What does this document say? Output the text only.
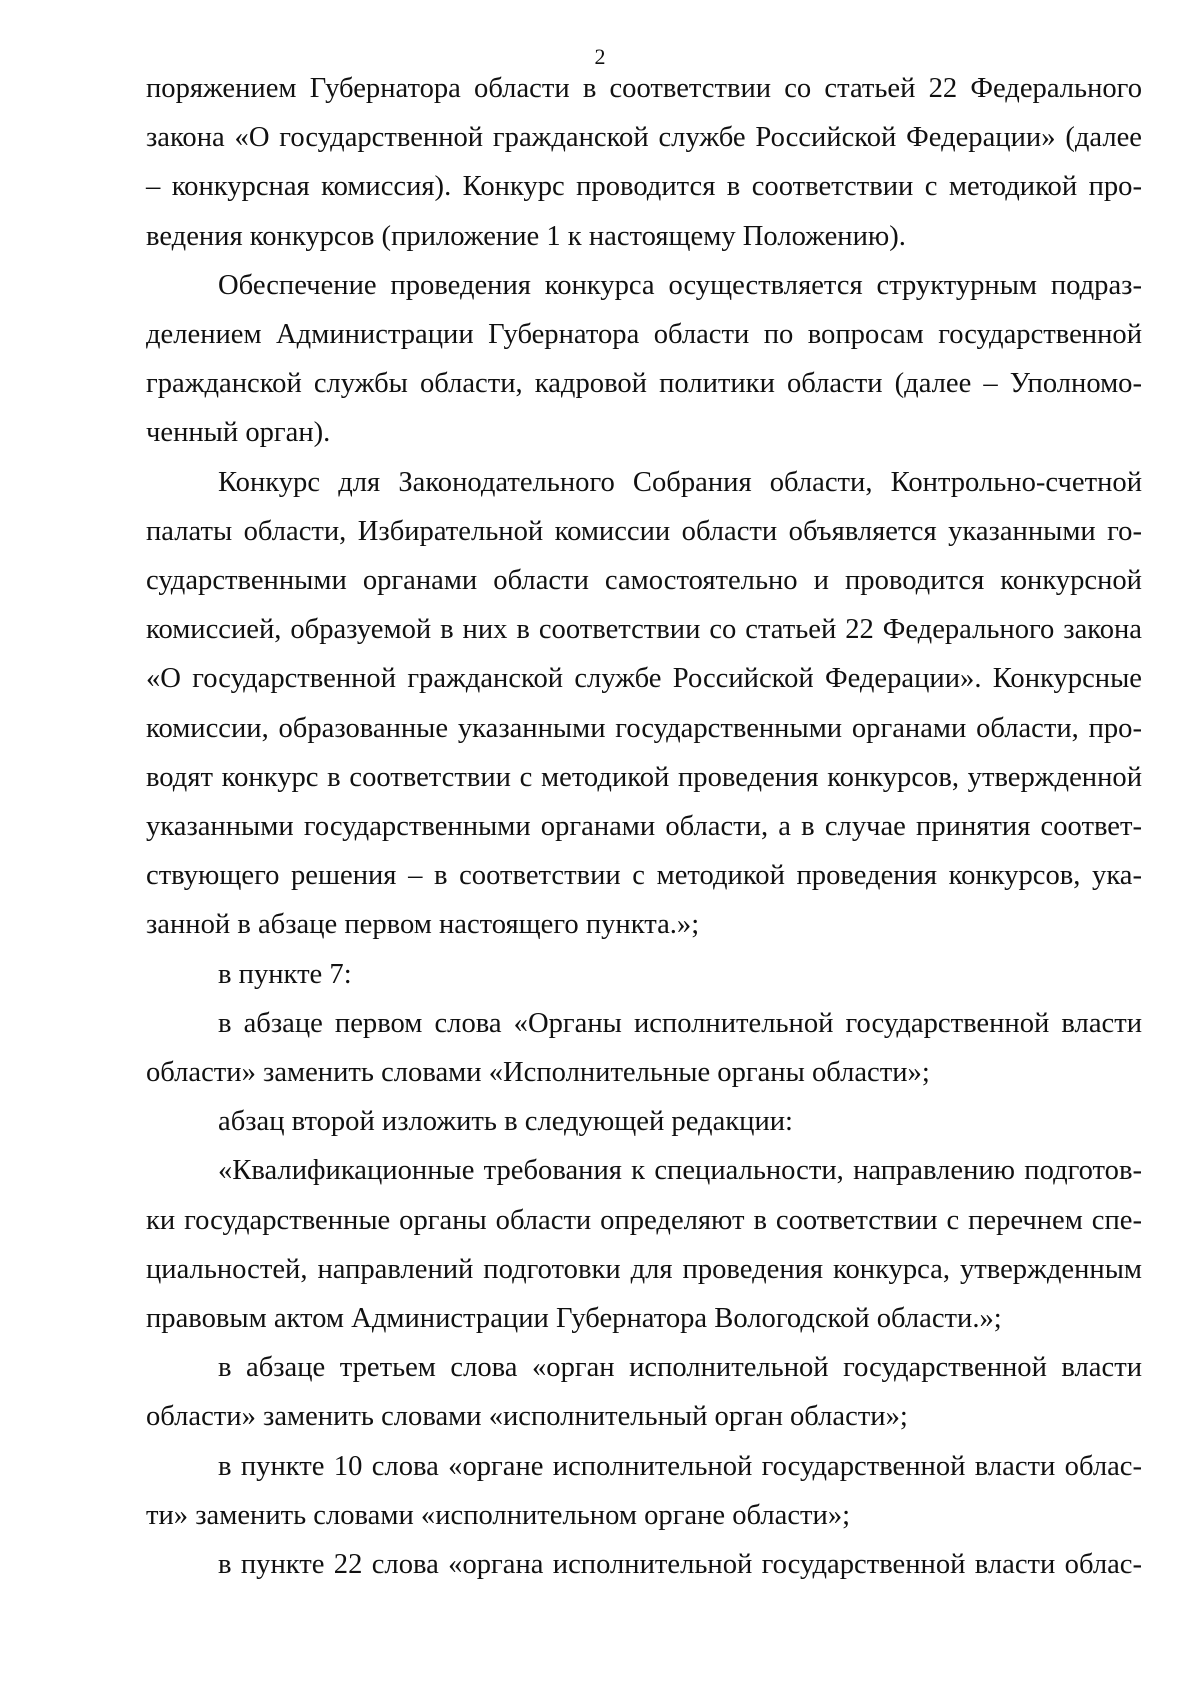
2
поряжением Губернатора области в соответствии со статьей 22 Федерального
закона «О государственной гражданской службе Российской Федерации» (далее
– конкурсная комиссия). Конкурс проводится в соответствии с методикой про-
ведения конкурсов (приложение 1 к настоящему Положению).
Обеспечение проведения конкурса осуществляется структурным подраз-
делением Администрации Губернатора области по вопросам государственной
гражданской службы области, кадровой политики области (далее – Уполномо-
ченный орган).
Конкурс для Законодательного Собрания области, Контрольно-счетной
палаты области, Избирательной комиссии области объявляется указанными го-
сударственными органами области самостоятельно и проводится конкурсной
комиссией, образуемой в них в соответствии со статьей 22 Федерального закона
«О государственной гражданской службе Российской Федерации». Конкурсные
комиссии, образованные указанными государственными органами области, про-
водят конкурс в соответствии с методикой проведения конкурсов, утвержденной
указанными государственными органами области, а в случае принятия соответ-
ствующего решения – в соответствии с методикой проведения конкурсов, ука-
занной в абзаце первом настоящего пункта.»;
в пункте 7:
в абзаце первом слова «Органы исполнительной государственной власти
области» заменить словами «Исполнительные органы области»;
абзац второй изложить в следующей редакции:
«Квалификационные требования к специальности, направлению подготов-
ки государственные органы области определяют в соответствии с перечнем спе-
циальностей, направлений подготовки для проведения конкурса, утвержденным
правовым актом Администрации Губернатора Вологодской области.»;
в абзаце третьем слова «орган исполнительной государственной власти
области» заменить словами «исполнительный орган области»;
в пункте 10 слова «органе исполнительной государственной власти облас-
ти» заменить словами «исполнительном органе области»;
в пункте 22 слова «органа исполнительной государственной власти облас-
